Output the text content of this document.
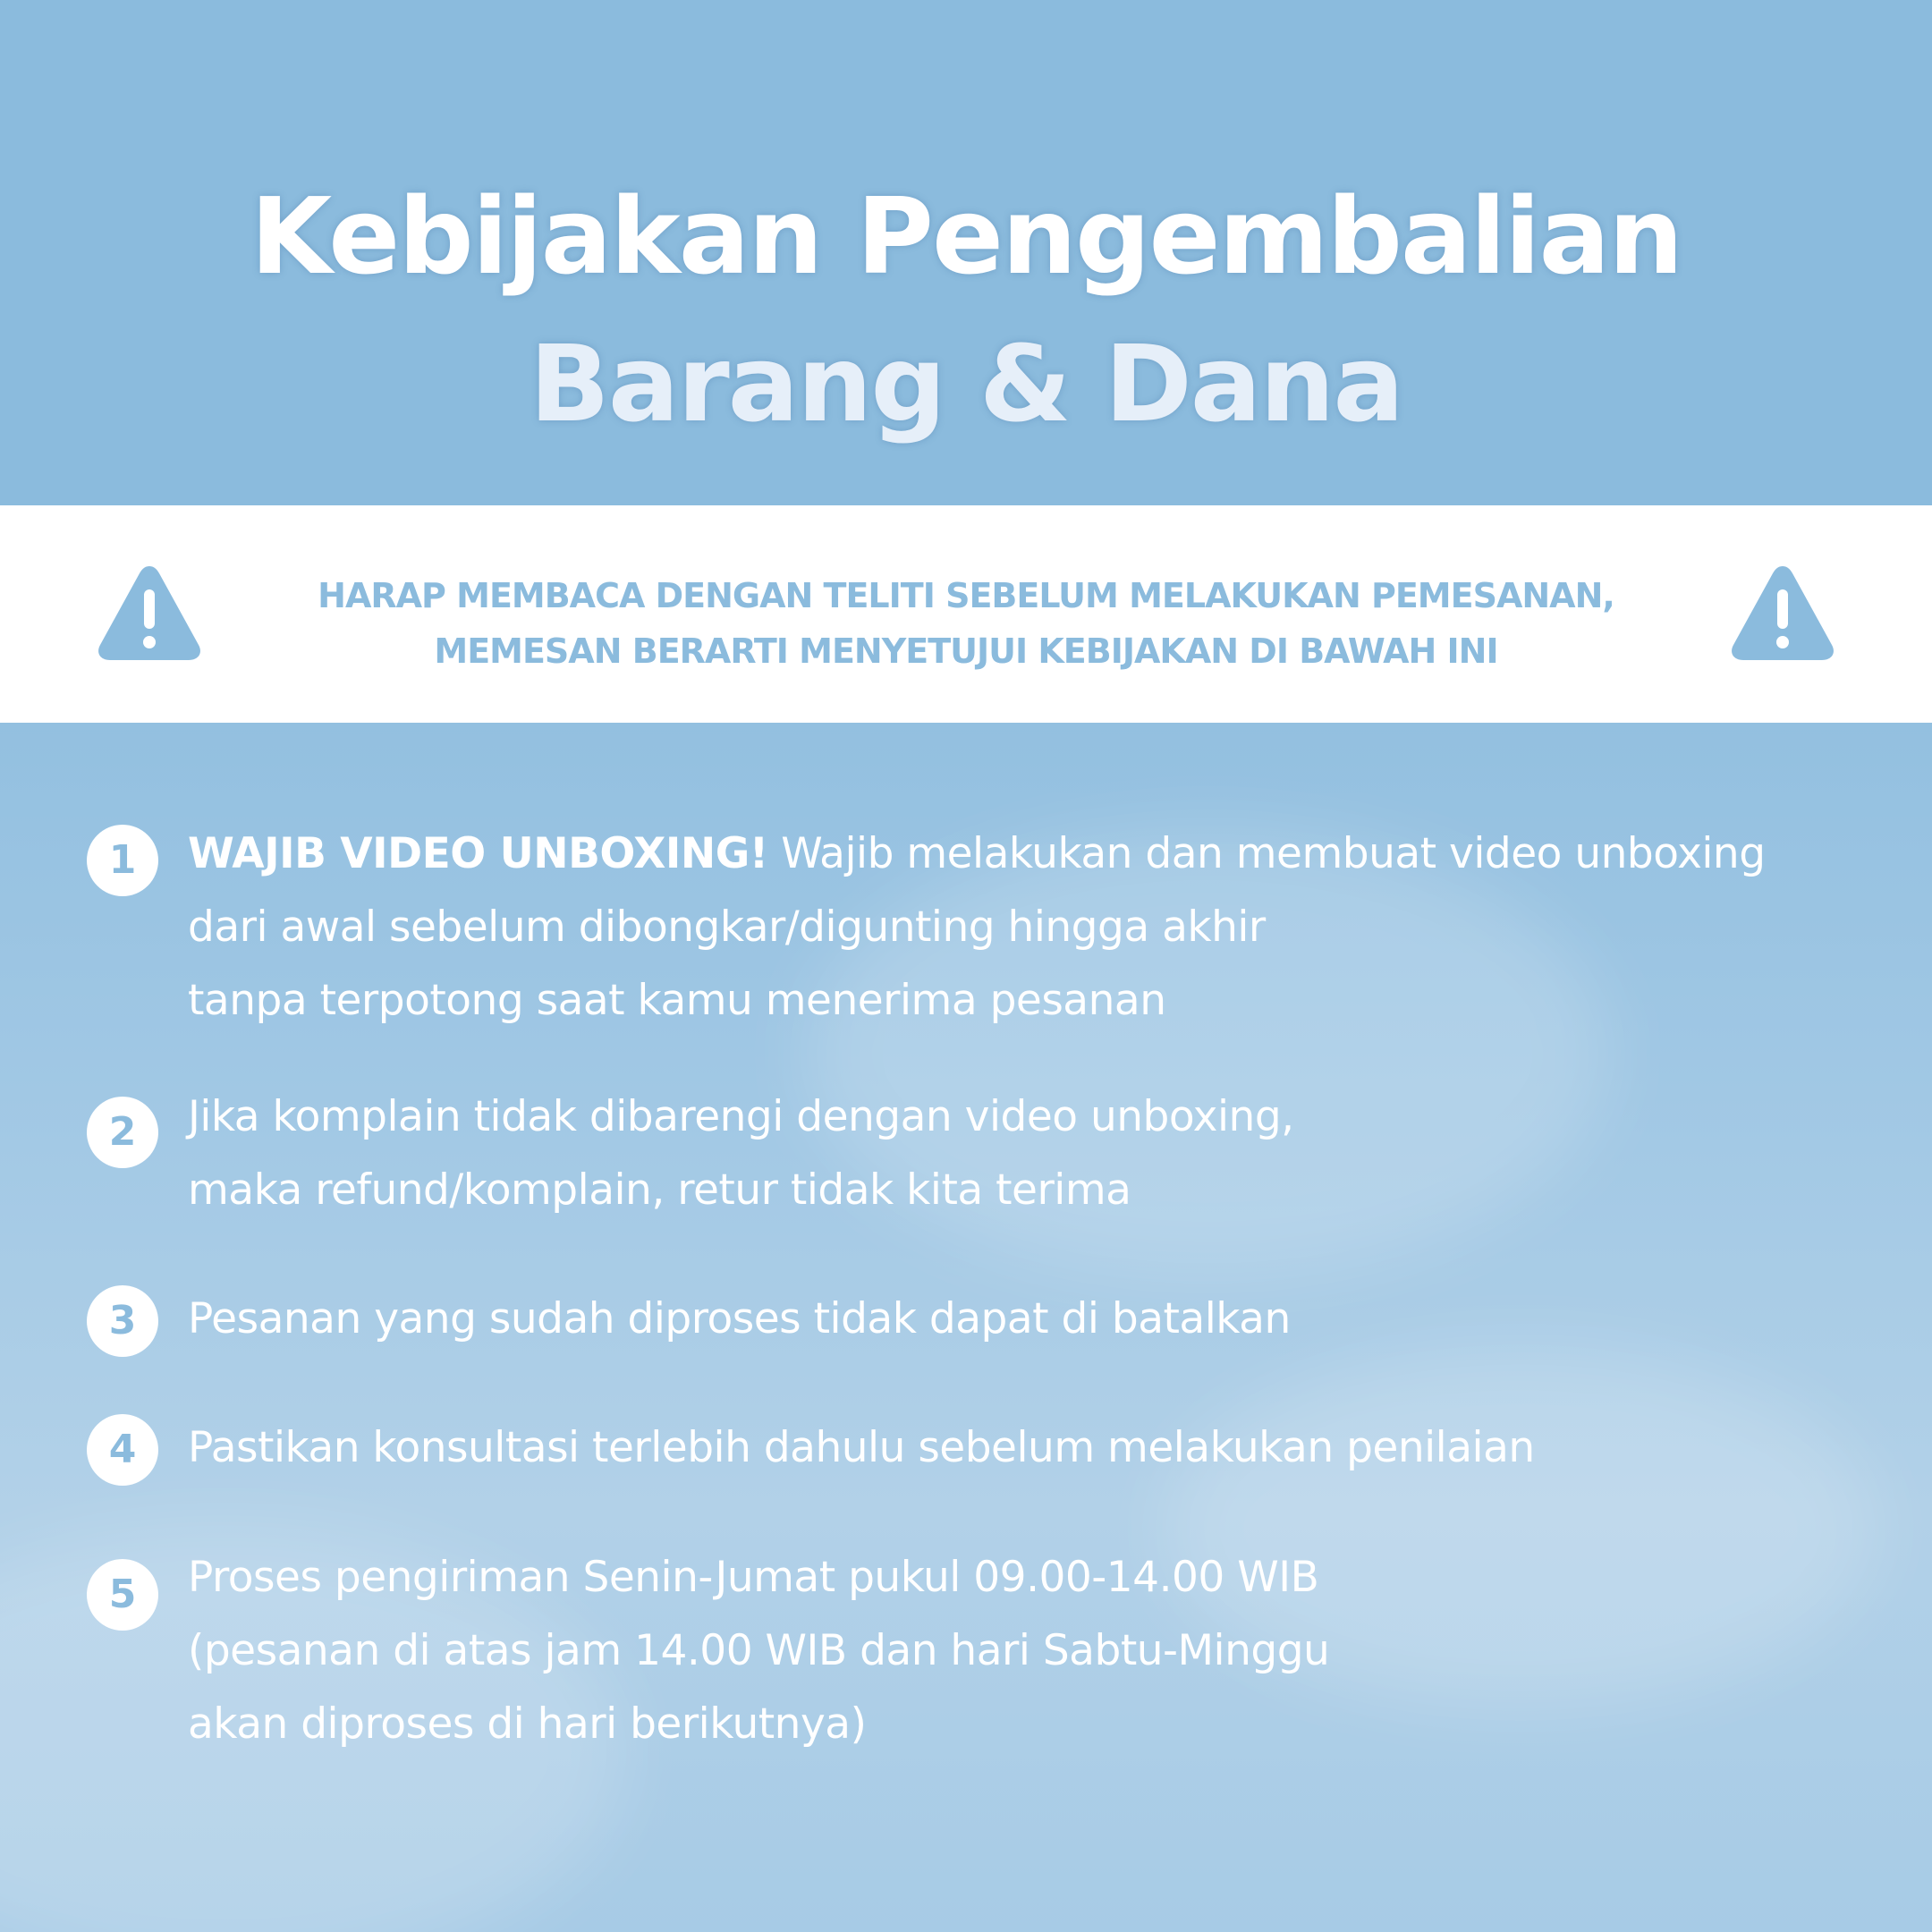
Kebijakan Pengembalian
Barang & Dana
HARAP MEMBACA DENGAN TELITI SEBELUM MELAKUKAN PEMESANAN,
MEMESAN BERARTI MENYETUJUI KEBIJAKAN DI BAWAH INI
1	WAJIB VIDEO UNBOXING! Wajib melakukan dan membuat video unboxing
dari awal sebelum dibongkar/digunting hingga akhir
tanpa terpotong saat kamu menerima pesanan
2	Jika komplain tidak dibarengi dengan video unboxing,
maka refund/komplain, retur tidak kita terima
3	Pesanan yang sudah diproses tidak dapat di batalkan
4	Pastikan konsultasi terlebih dahulu sebelum melakukan penilaian
5	Proses pengiriman Senin-Jumat pukul 09.00-14.00 WIB
(pesanan di atas jam 14.00 WIB dan hari Sabtu-Minggu
akan diproses di hari berikutnya)
